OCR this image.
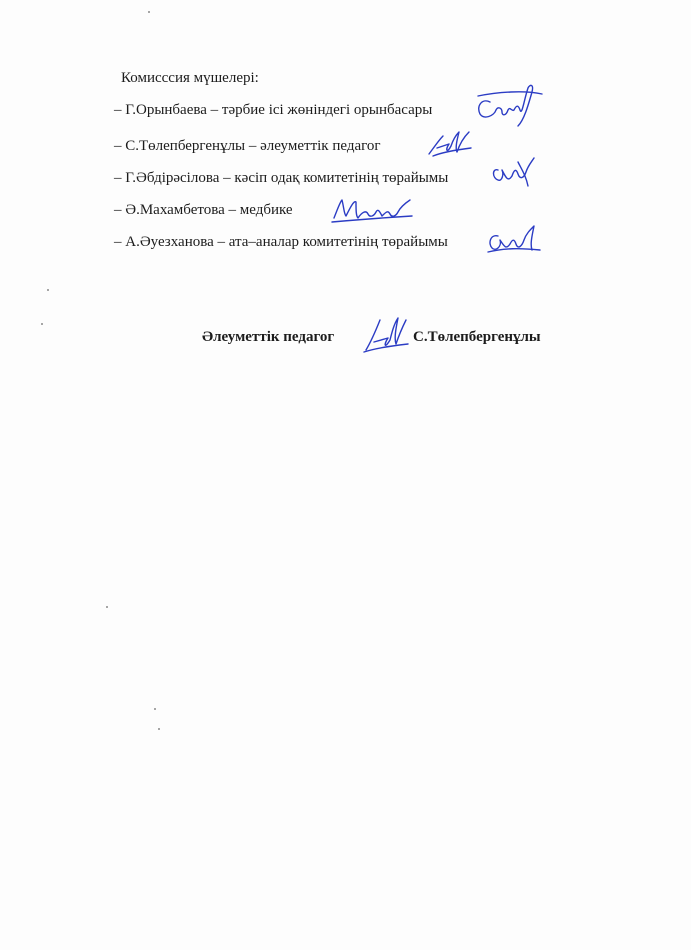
Комисссия мүшелері:
– Г.Орынбаева – тәрбие ісі жөніндегі орынбасары
– С.Төлепбергенұлы – әлеуметтік педагог
– Г.Әбдірәсілова – кәсіп одақ комитетінің төрайымы
– Ә.Махамбетова – медбике
– А.Әуезханова – ата–аналар комитетінің төрайымы
Әлеуметтік педагог	С.Төлепбергенұлы
